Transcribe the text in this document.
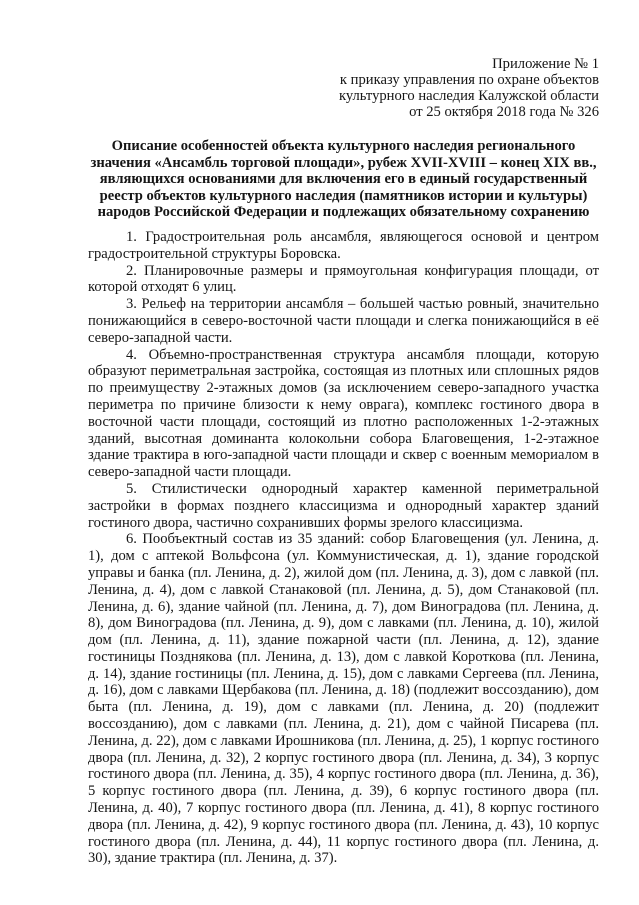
Приложение № 1
к приказу управления по охране объектов
культурного наследия Калужской области
от 25 октября 2018 года № 326
Описание особенностей объекта культурного наследия регионального
значения «Ансамбль торговой площади», рубеж XVII-XVIII – конец XIX вв.,
являющихся основаниями для включения его в единый государственный
реестр объектов культурного наследия (памятников истории и культуры)
народов Российской Федерации и подлежащих обязательному сохранению

1. Градостроительная роль ансамбля, являющегося основой и центром градостроительной структуры Боровска.

2. Планировочные размеры и прямоугольная конфигурация площади, от которой отходят 6 улиц.

3. Рельеф на территории ансамбля – большей частью ровный, значительно понижающийся в северо-восточной части площади и слегка понижающийся в её северо-западной части.

4. Объемно-пространственная структура ансамбля площади, которую образуют периметральная застройка, состоящая из плотных или сплошных рядов по преимуществу 2-этажных домов (за исключением северо-западного участка периметра по причине близости к нему оврага), комплекс гостиного двора в восточной части площади, состоящий из плотно расположенных 1-2-этажных зданий, высотная доминанта колокольни собора Благовещения, 1-2-этажное здание трактира в юго-западной части площади и сквер с военным мемориалом в северо-западной части площади.

5. Стилистически однородный характер каменной периметральной застройки в формах позднего классицизма и однородный характер зданий гостиного двора, частично сохранивших формы зрелого классицизма.

6. Пообъектный состав из 35 зданий: собор Благовещения (ул. Ленина, д. 1), дом с аптекой Вольфсона (ул. Коммунистическая, д. 1), здание городской управы и банка (пл. Ленина, д. 2), жилой дом (пл. Ленина, д. 3), дом с лавкой (пл. Ленина, д. 4), дом с лавкой Станаковой (пл. Ленина, д. 5), дом Станаковой (пл. Ленина, д. 6), здание чайной (пл. Ленина, д. 7), дом Виноградова (пл. Ленина, д. 8), дом Виноградова (пл. Ленина, д. 9), дом с лавками (пл. Ленина, д. 10), жилой дом (пл. Ленина, д. 11), здание пожарной части (пл. Ленина, д. 12), здание гостиницы Позднякова (пл. Ленина, д. 13), дом с лавкой Короткова (пл. Ленина, д. 14), здание гостиницы (пл. Ленина, д. 15), дом с лавками Сергеева (пл. Ленина, д. 16), дом с лавками Щербакова (пл. Ленина, д. 18) (подлежит воссозданию), дом быта (пл. Ленина, д. 19), дом с лавками (пл. Ленина, д. 20) (подлежит воссозданию), дом с лавками (пл. Ленина, д. 21), дом с чайной Писарева (пл. Ленина, д. 22), дом с лавками Ирошникова (пл. Ленина, д. 25), 1 корпус гостиного двора (пл. Ленина, д. 32), 2 корпус гостиного двора (пл. Ленина, д. 34), 3 корпус гостиного двора (пл. Ленина, д. 35), 4 корпус гостиного двора (пл. Ленина, д. 36), 5 корпус гостиного двора (пл. Ленина, д. 39), 6 корпус гостиного двора (пл. Ленина, д. 40), 7 корпус гостиного двора (пл. Ленина, д. 41), 8 корпус гостиного двора (пл. Ленина, д. 42), 9 корпус гостиного двора (пл. Ленина, д. 43), 10 корпус гостиного двора (пл. Ленина, д. 44), 11 корпус гостиного двора (пл. Ленина, д. 30), здание трактира (пл. Ленина, д. 37).
